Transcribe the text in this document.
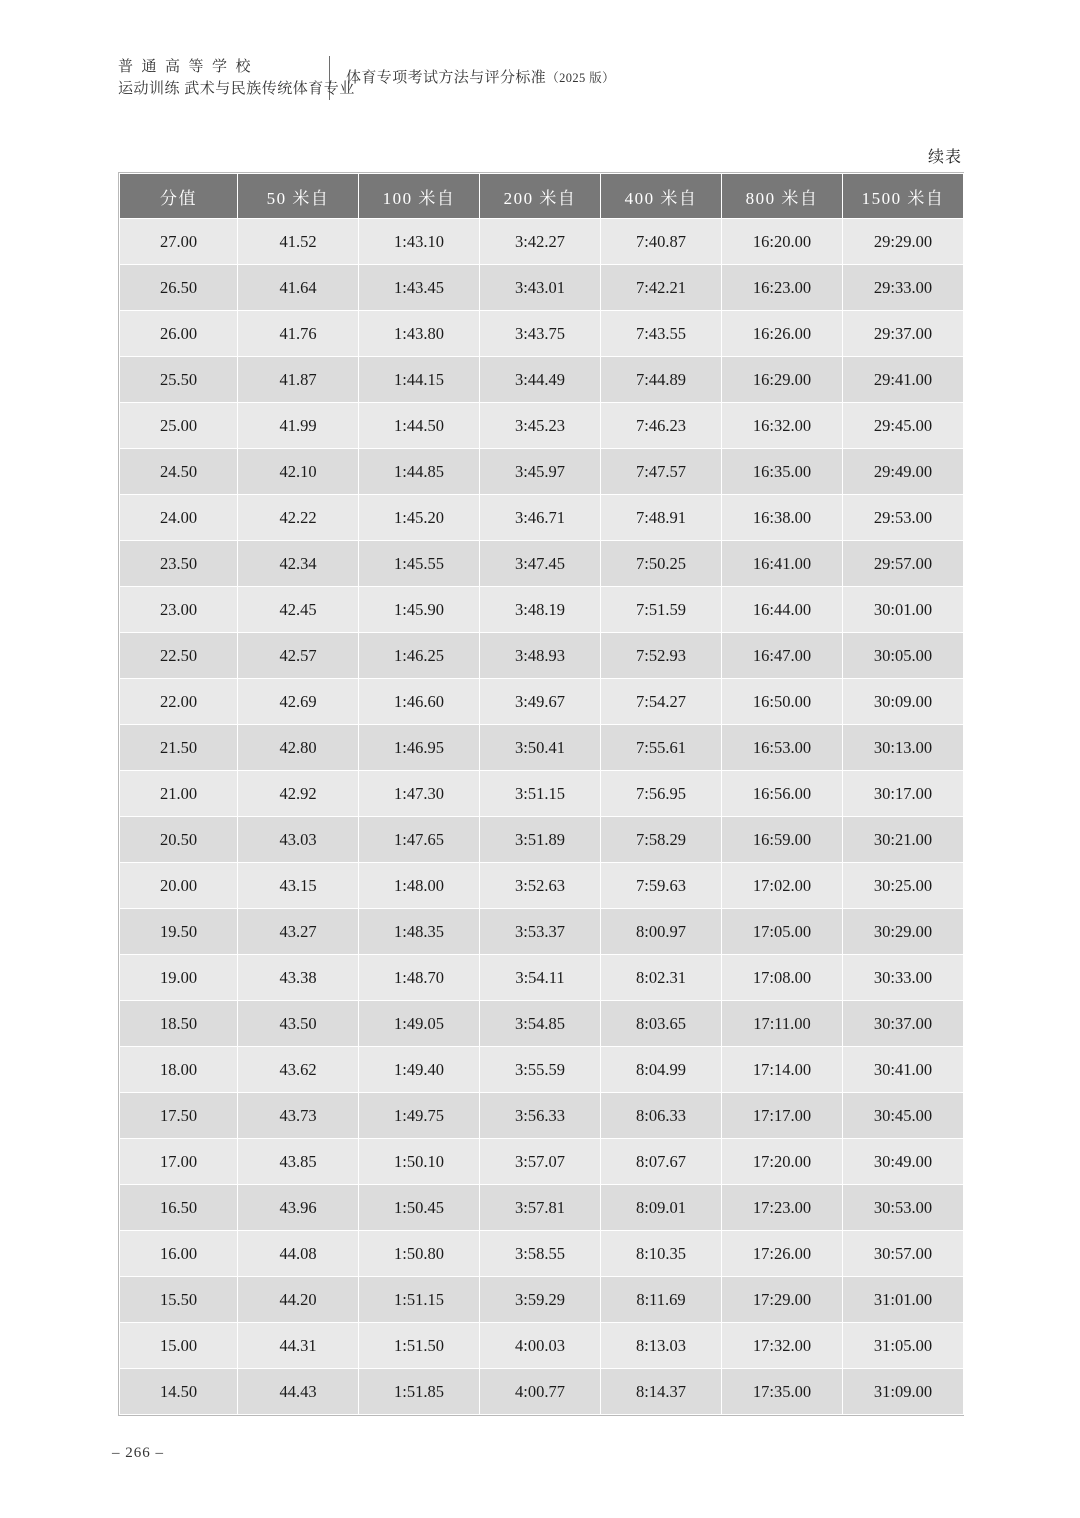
普通高等学校
运动训练 武术与民族传统体育专业
体育专项考试方法与评分标准（2025 版）
续表
分值	50 米自	100 米自	200 米自	400 米自	800 米自	1500 米自
27.00	41.52	1:43.10	3:42.27	7:40.87	16:20.00	29:29.00
26.50	41.64	1:43.45	3:43.01	7:42.21	16:23.00	29:33.00
26.00	41.76	1:43.80	3:43.75	7:43.55	16:26.00	29:37.00
25.50	41.87	1:44.15	3:44.49	7:44.89	16:29.00	29:41.00
25.00	41.99	1:44.50	3:45.23	7:46.23	16:32.00	29:45.00
24.50	42.10	1:44.85	3:45.97	7:47.57	16:35.00	29:49.00
24.00	42.22	1:45.20	3:46.71	7:48.91	16:38.00	29:53.00
23.50	42.34	1:45.55	3:47.45	7:50.25	16:41.00	29:57.00
23.00	42.45	1:45.90	3:48.19	7:51.59	16:44.00	30:01.00
22.50	42.57	1:46.25	3:48.93	7:52.93	16:47.00	30:05.00
22.00	42.69	1:46.60	3:49.67	7:54.27	16:50.00	30:09.00
21.50	42.80	1:46.95	3:50.41	7:55.61	16:53.00	30:13.00
21.00	42.92	1:47.30	3:51.15	7:56.95	16:56.00	30:17.00
20.50	43.03	1:47.65	3:51.89	7:58.29	16:59.00	30:21.00
20.00	43.15	1:48.00	3:52.63	7:59.63	17:02.00	30:25.00
19.50	43.27	1:48.35	3:53.37	8:00.97	17:05.00	30:29.00
19.00	43.38	1:48.70	3:54.11	8:02.31	17:08.00	30:33.00
18.50	43.50	1:49.05	3:54.85	8:03.65	17:11.00	30:37.00
18.00	43.62	1:49.40	3:55.59	8:04.99	17:14.00	30:41.00
17.50	43.73	1:49.75	3:56.33	8:06.33	17:17.00	30:45.00
17.00	43.85	1:50.10	3:57.07	8:07.67	17:20.00	30:49.00
16.50	43.96	1:50.45	3:57.81	8:09.01	17:23.00	30:53.00
16.00	44.08	1:50.80	3:58.55	8:10.35	17:26.00	30:57.00
15.50	44.20	1:51.15	3:59.29	8:11.69	17:29.00	31:01.00
15.00	44.31	1:51.50	4:00.03	8:13.03	17:32.00	31:05.00
14.50	44.43	1:51.85	4:00.77	8:14.37	17:35.00	31:09.00
– 266 –
